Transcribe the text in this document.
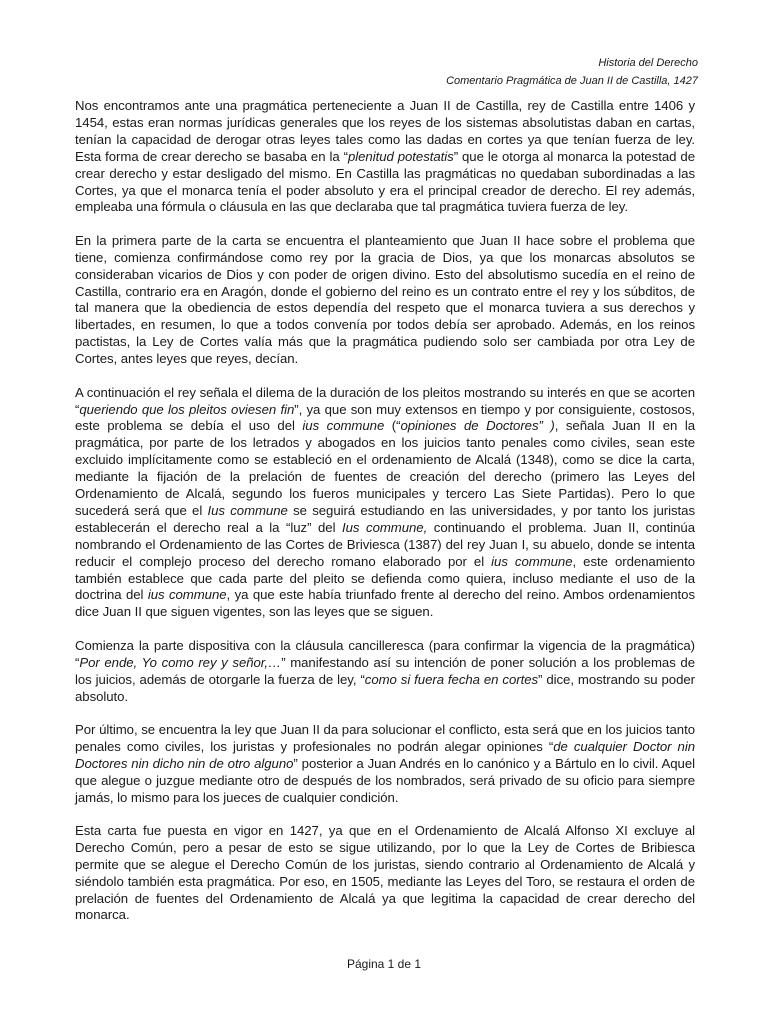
Historia del Derecho
Comentario Pragmática de Juan II de Castilla, 1427

Nos encontramos ante una pragmática perteneciente a Juan II de Castilla, rey de Castilla entre 1406 y 1454, estas eran normas jurídicas generales que los reyes de los sistemas absolutistas daban en cartas, tenían la capacidad de derogar otras leyes tales como las dadas en cortes ya que tenían fuerza de ley. Esta forma de crear derecho se basaba en la “plenitud potestatis” que le otorga al monarca la potestad de crear derecho y estar desligado del mismo. En Castilla las pragmáticas no quedaban subordinadas a las Cortes, ya que el monarca tenía el poder absoluto y era el principal creador de derecho. El rey además, empleaba una fórmula o cláusula en las que declaraba que tal pragmática tuviera fuerza de ley.

En la primera parte de la carta se encuentra el planteamiento que Juan II hace sobre el problema que tiene, comienza confirmándose como rey por la gracia de Dios, ya que los monarcas absolutos se consideraban vicarios de Dios y con poder de origen divino. Esto del absolutismo sucedía en el reino de Castilla, contrario era en Aragón, donde el gobierno del reino es un contrato entre el rey y los súbditos, de tal manera que la obediencia de estos dependía del respeto que el monarca tuviera a sus derechos y libertades, en resumen, lo que a todos convenía por todos debía ser aprobado. Además, en los reinos pactistas, la Ley de Cortes valía más que la pragmática pudiendo solo ser cambiada por otra Ley de Cortes, antes leyes que reyes, decían.

A continuación el rey señala el dilema de la duración de los pleitos mostrando su interés en que se acorten “queriendo que los pleitos oviesen fin”, ya que son muy extensos en tiempo y por consiguiente, costosos, este problema se debía el uso del ius commune (“opiniones de Doctores” ), señala Juan II en la pragmática, por parte de los letrados y abogados en los juicios tanto penales como civiles, sean este excluido implícitamente como se estableció en el ordenamiento de Alcalá (1348), como se dice la carta, mediante la fijación de la prelación de fuentes de creación del derecho (primero las Leyes del Ordenamiento de Alcalá, segundo los fueros municipales y tercero Las Siete Partidas). Pero lo que sucederá será que el Ius commune se seguirá estudiando en las universidades, y por tanto los juristas establecerán el derecho real a la “luz” del Ius commune, continuando el problema. Juan II, continúa nombrando el Ordenamiento de las Cortes de Briviesca (1387) del rey Juan I, su abuelo, donde se intenta reducir el complejo proceso del derecho romano elaborado por el ius commune, este ordenamiento también establece que cada parte del pleito se defienda como quiera, incluso mediante el uso de la doctrina del ius commune, ya que este había triunfado frente al derecho del reino. Ambos ordenamientos dice Juan II que siguen vigentes, son las leyes que se siguen.

Comienza la parte dispositiva con la cláusula cancilleresca (para confirmar la vigencia de la pragmática) “Por ende, Yo como rey y señor,…” manifestando así su intención de poner solución a los problemas de los juicios, además de otorgarle la fuerza de ley, “como si fuera fecha en cortes” dice, mostrando su poder absoluto.

Por último, se encuentra la ley que Juan II da para solucionar el conflicto, esta será que en los juicios tanto penales como civiles, los juristas y profesionales no podrán alegar opiniones “de cualquier Doctor nin Doctores nin dicho nin de otro alguno” posterior a Juan Andrés en lo canónico y a Bártulo en lo civil. Aquel que alegue o juzgue mediante otro de después de los nombrados, será privado de su oficio para siempre jamás, lo mismo para los jueces de cualquier condición.

Esta carta fue puesta en vigor en 1427, ya que en el Ordenamiento de Alcalá Alfonso XI excluye al Derecho Común, pero a pesar de esto se sigue utilizando, por lo que la Ley de Cortes de Bribiesca permite que se alegue el Derecho Común de los juristas, siendo contrario al Ordenamiento de Alcalá y siéndolo también esta pragmática. Por eso, en 1505, mediante las Leyes del Toro, se restaura el orden de prelación de fuentes del Ordenamiento de Alcalá ya que legitima la capacidad de crear derecho del monarca.

Página 1 de 1
